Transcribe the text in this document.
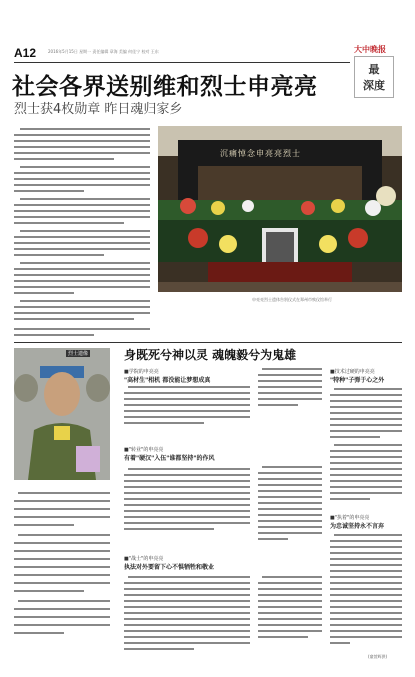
A12	2016年5月15日 星期一 责任编辑 章海 美编 何佳宁 校对 王东	大中晚报
最
深度
社会各界送别维和烈士申亮亮
烈士获4枚勋章 昨日魂归家乡
沉痛悼念申亮亮烈士
申亮亮烈士遗体告别仪式在郑州市殡仪馆举行
烈士遗像	身既死兮神以灵 魂魄毅兮为鬼雄
■学院的申亮亮
"高材生"相机 都没能让梦想成真
■"转业"的申亮亮
有着"硬汉"入伍"谁都坚持"的作风
■"战士"的申亮亮
执法对外要留下心不惧牺牲和敬业
■技术过硬的申亮亮
"特种"子弹于心之外
■"执着"的申亮亮
为忠诚坚持永不言弃
(童萱辉供)
